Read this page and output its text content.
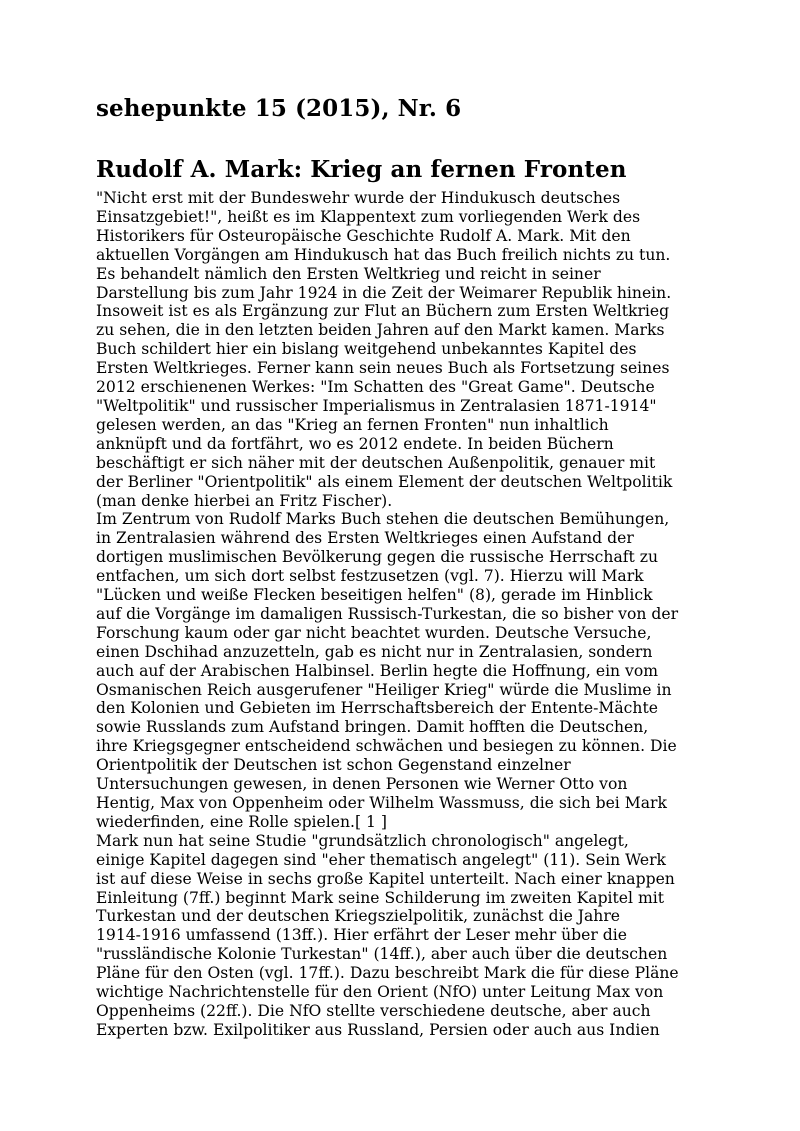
sehepunkte 15 (2015), Nr. 6
Rudolf A. Mark: Krieg an fernen Fronten

"Nicht erst mit der Bundeswehr wurde der Hindukusch deutsches
Einsatzgebiet!", heißt es im Klappentext zum vorliegenden Werk des
Historikers für Osteuropäische Geschichte Rudolf A. Mark. Mit den
aktuellen Vorgängen am Hindukusch hat das Buch freilich nichts zu tun.
Es behandelt nämlich den Ersten Weltkrieg und reicht in seiner
Darstellung bis zum Jahr 1924 in die Zeit der Weimarer Republik hinein.
Insoweit ist es als Ergänzung zur Flut an Büchern zum Ersten Weltkrieg
zu sehen, die in den letzten beiden Jahren auf den Markt kamen. Marks
Buch schildert hier ein bislang weitgehend unbekanntes Kapitel des
Ersten Weltkrieges. Ferner kann sein neues Buch als Fortsetzung seines
2012 erschienenen Werkes: "Im Schatten des "Great Game". Deutsche
"Weltpolitik" und russischer Imperialismus in Zentralasien 1871-1914"
gelesen werden, an das "Krieg an fernen Fronten" nun inhaltlich
anknüpft und da fortfährt, wo es 2012 endete. In beiden Büchern
beschäftigt er sich näher mit der deutschen Außenpolitik, genauer mit
der Berliner "Orientpolitik" als einem Element der deutschen Weltpolitik
(man denke hierbei an Fritz Fischer).

Im Zentrum von Rudolf Marks Buch stehen die deutschen Bemühungen,
in Zentralasien während des Ersten Weltkrieges einen Aufstand der
dortigen muslimischen Bevölkerung gegen die russische Herrschaft zu
entfachen, um sich dort selbst festzusetzen (vgl. 7). Hierzu will Mark
"Lücken und weiße Flecken beseitigen helfen" (8), gerade im Hinblick
auf die Vorgänge im damaligen Russisch-Turkestan, die so bisher von der
Forschung kaum oder gar nicht beachtet wurden. Deutsche Versuche,
einen Dschihad anzuzetteln, gab es nicht nur in Zentralasien, sondern
auch auf der Arabischen Halbinsel. Berlin hegte die Hoffnung, ein vom
Osmanischen Reich ausgerufener "Heiliger Krieg" würde die Muslime in
den Kolonien und Gebieten im Herrschaftsbereich der Entente-Mächte
sowie Russlands zum Aufstand bringen. Damit hofften die Deutschen,
ihre Kriegsgegner entscheidend schwächen und besiegen zu können. Die
Orientpolitik der Deutschen ist schon Gegenstand einzelner
Untersuchungen gewesen, in denen Personen wie Werner Otto von
Hentig, Max von Oppenheim oder Wilhelm Wassmuss, die sich bei Mark
wiederfinden, eine Rolle spielen.[ 1 ]

Mark nun hat seine Studie "grundsätzlich chronologisch" angelegt,
einige Kapitel dagegen sind "eher thematisch angelegt" (11). Sein Werk
ist auf diese Weise in sechs große Kapitel unterteilt. Nach einer knappen
Einleitung (7ff.) beginnt Mark seine Schilderung im zweiten Kapitel mit
Turkestan und der deutschen Kriegszielpolitik, zunächst die Jahre
1914-1916 umfassend (13ff.). Hier erfährt der Leser mehr über die
"russländische Kolonie Turkestan" (14ff.), aber auch über die deutschen
Pläne für den Osten (vgl. 17ff.). Dazu beschreibt Mark die für diese Pläne
wichtige Nachrichtenstelle für den Orient (NfO) unter Leitung Max von
Oppenheims (22ff.). Die NfO stellte verschiedene deutsche, aber auch
Experten bzw. Exilpolitiker aus Russland, Persien oder auch aus Indien
